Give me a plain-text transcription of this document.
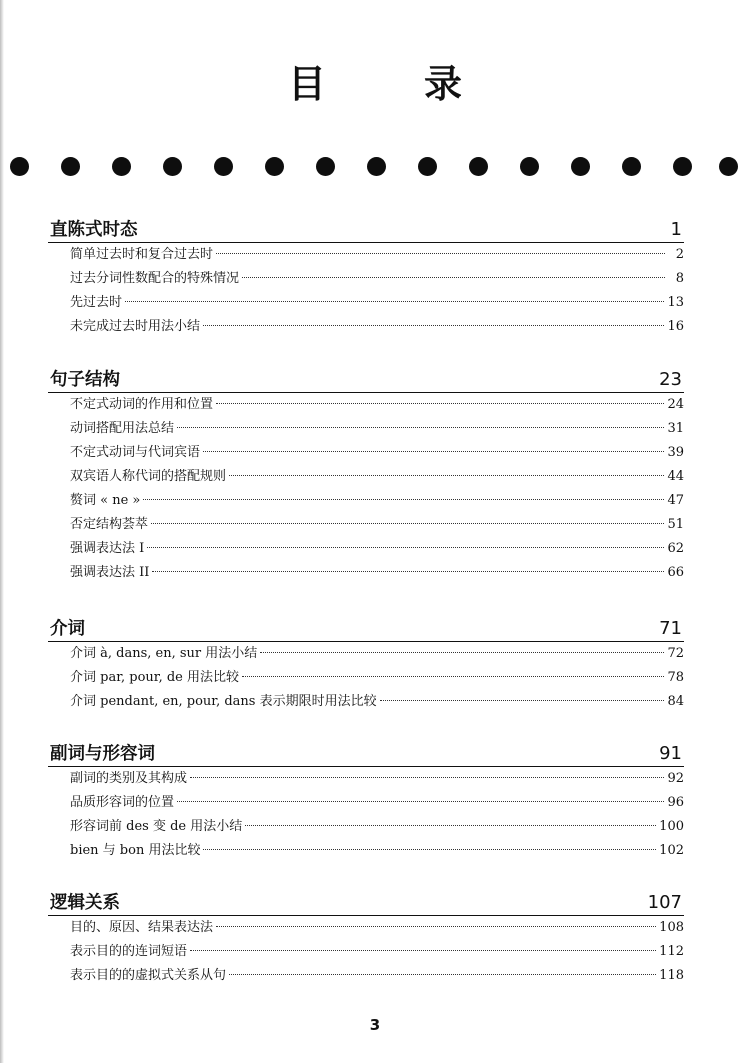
目　录
直陈式时态	1
简单过去时和复合过去时	2
过去分词性数配合的特殊情况	8
先过去时	13
未完成过去时用法小结	16
句子结构	23
不定式动词的作用和位置	24
动词搭配用法总结	31
不定式动词与代词宾语	39
双宾语人称代词的搭配规则	44
赘词 « ne »	47
否定结构荟萃	51
强调表达法 I	62
强调表达法 II	66
介词	71
介词 à, dans, en, sur 用法小结	72
介词 par, pour, de 用法比较	78
介词 pendant, en, pour, dans 表示期限时用法比较	84
副词与形容词	91
副词的类别及其构成	92
品质形容词的位置	96
形容词前 des 变 de 用法小结	100
bien 与 bon 用法比较	102
逻辑关系	107
目的、原因、结果表达法	108
表示目的的连词短语	112
表示目的的虚拟式关系从句	118
3
